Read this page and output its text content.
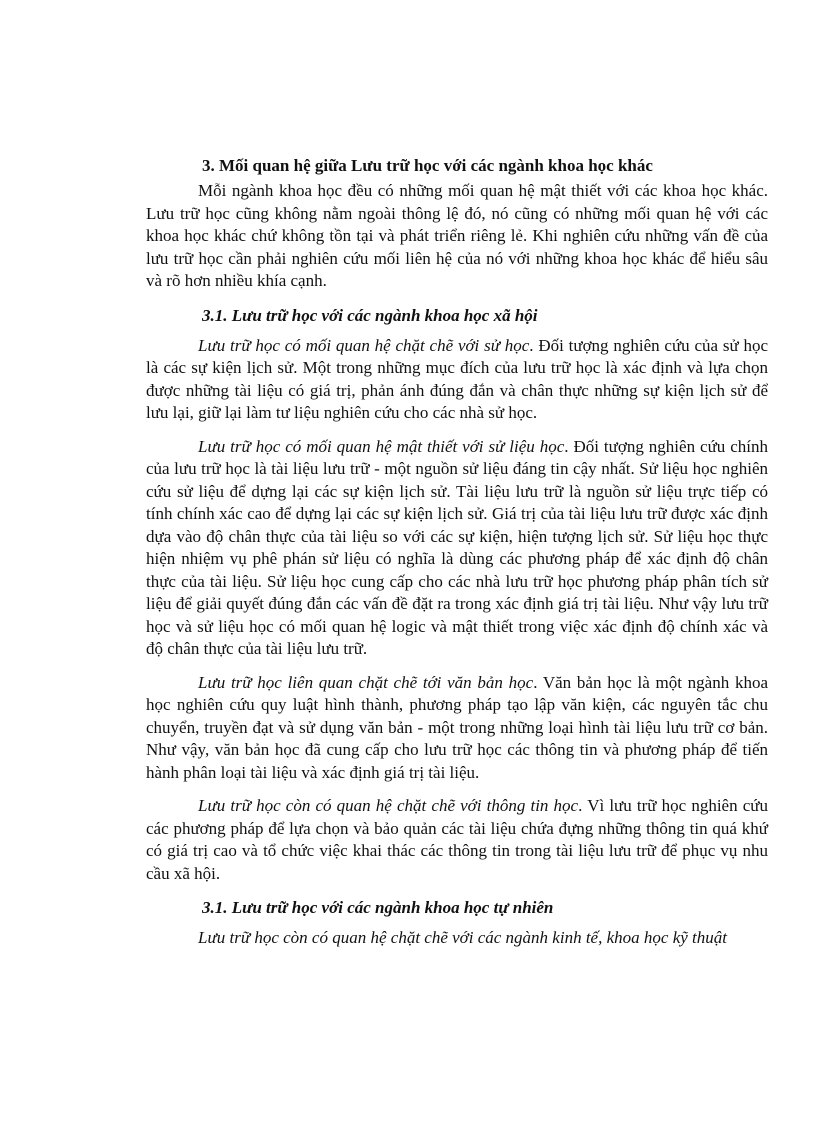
3. Mối quan hệ giữa Lưu trữ học với các ngành khoa học khác

Mỗi ngành khoa học đều có những mối quan hệ mật thiết với các khoa học khác. Lưu trữ học cũng không nằm ngoài thông lệ đó, nó cũng có những mối quan hệ với các khoa học khác chứ không tồn tại và phát triển riêng lẻ. Khi nghiên cứu những vấn đề của lưu trữ học cần phải nghiên cứu mối liên hệ của nó với những khoa học khác để hiểu sâu và rõ hơn nhiều khía cạnh.

3.1. Lưu trữ học với các ngành khoa học xã hội

Lưu trữ học có mối quan hệ chặt chẽ với sử học. Đối tượng nghiên cứu của sử học là các sự kiện lịch sử. Một trong những mục đích của lưu trữ học là xác định và lựa chọn được những tài liệu có giá trị, phản ánh đúng đắn và chân thực những sự kiện lịch sử để lưu lại, giữ lại làm tư liệu nghiên cứu cho các nhà sử học.

Lưu trữ học có mối quan hệ mật thiết với sử liệu học. Đối tượng nghiên cứu chính của lưu trữ học là tài liệu lưu trữ - một nguồn sử liệu đáng tin cậy nhất. Sử liệu học nghiên cứu sử liệu để dựng lại các sự kiện lịch sử. Tài liệu lưu trữ là nguồn sử liệu trực tiếp có tính chính xác cao để dựng lại các sự kiện lịch sử. Giá trị của tài liệu lưu trữ được xác định dựa vào độ chân thực của tài liệu so với các sự kiện, hiện tượng lịch sử. Sử liệu học thực hiện nhiệm vụ phê phán sử liệu có nghĩa là dùng các phương pháp để xác định độ chân thực của tài liệu. Sử liệu học cung cấp cho các nhà lưu trữ học phương pháp phân tích sử liệu để giải quyết đúng đắn các vấn đề đặt ra trong xác định giá trị tài liệu. Như vậy lưu trữ học và sử liệu học có mối quan hệ logic và mật thiết trong việc xác định độ chính xác và độ chân thực của tài liệu lưu trữ.

Lưu trữ học liên quan chặt chẽ tới văn bản học. Văn bản học là một ngành khoa học nghiên cứu quy luật hình thành, phương pháp tạo lập văn kiện, các nguyên tắc chu chuyển, truyền đạt và sử dụng văn bản - một trong những loại hình tài liệu lưu trữ cơ bản. Như vậy, văn bản học đã cung cấp cho lưu trữ học các thông tin và phương pháp để tiến hành phân loại tài liệu và xác định giá trị tài liệu.

Lưu trữ học còn có quan hệ chặt chẽ với thông tin học. Vì lưu trữ học nghiên cứu các phương pháp để lựa chọn và bảo quản các tài liệu chứa đựng những thông tin quá khứ có giá trị cao và tổ chức việc khai thác các thông tin trong tài liệu lưu trữ để phục vụ nhu cầu xã hội.

3.1. Lưu trữ học với các ngành khoa học tự nhiên

Lưu trữ học còn có quan hệ chặt chẽ với các ngành kinh tế, khoa học kỹ thuật
